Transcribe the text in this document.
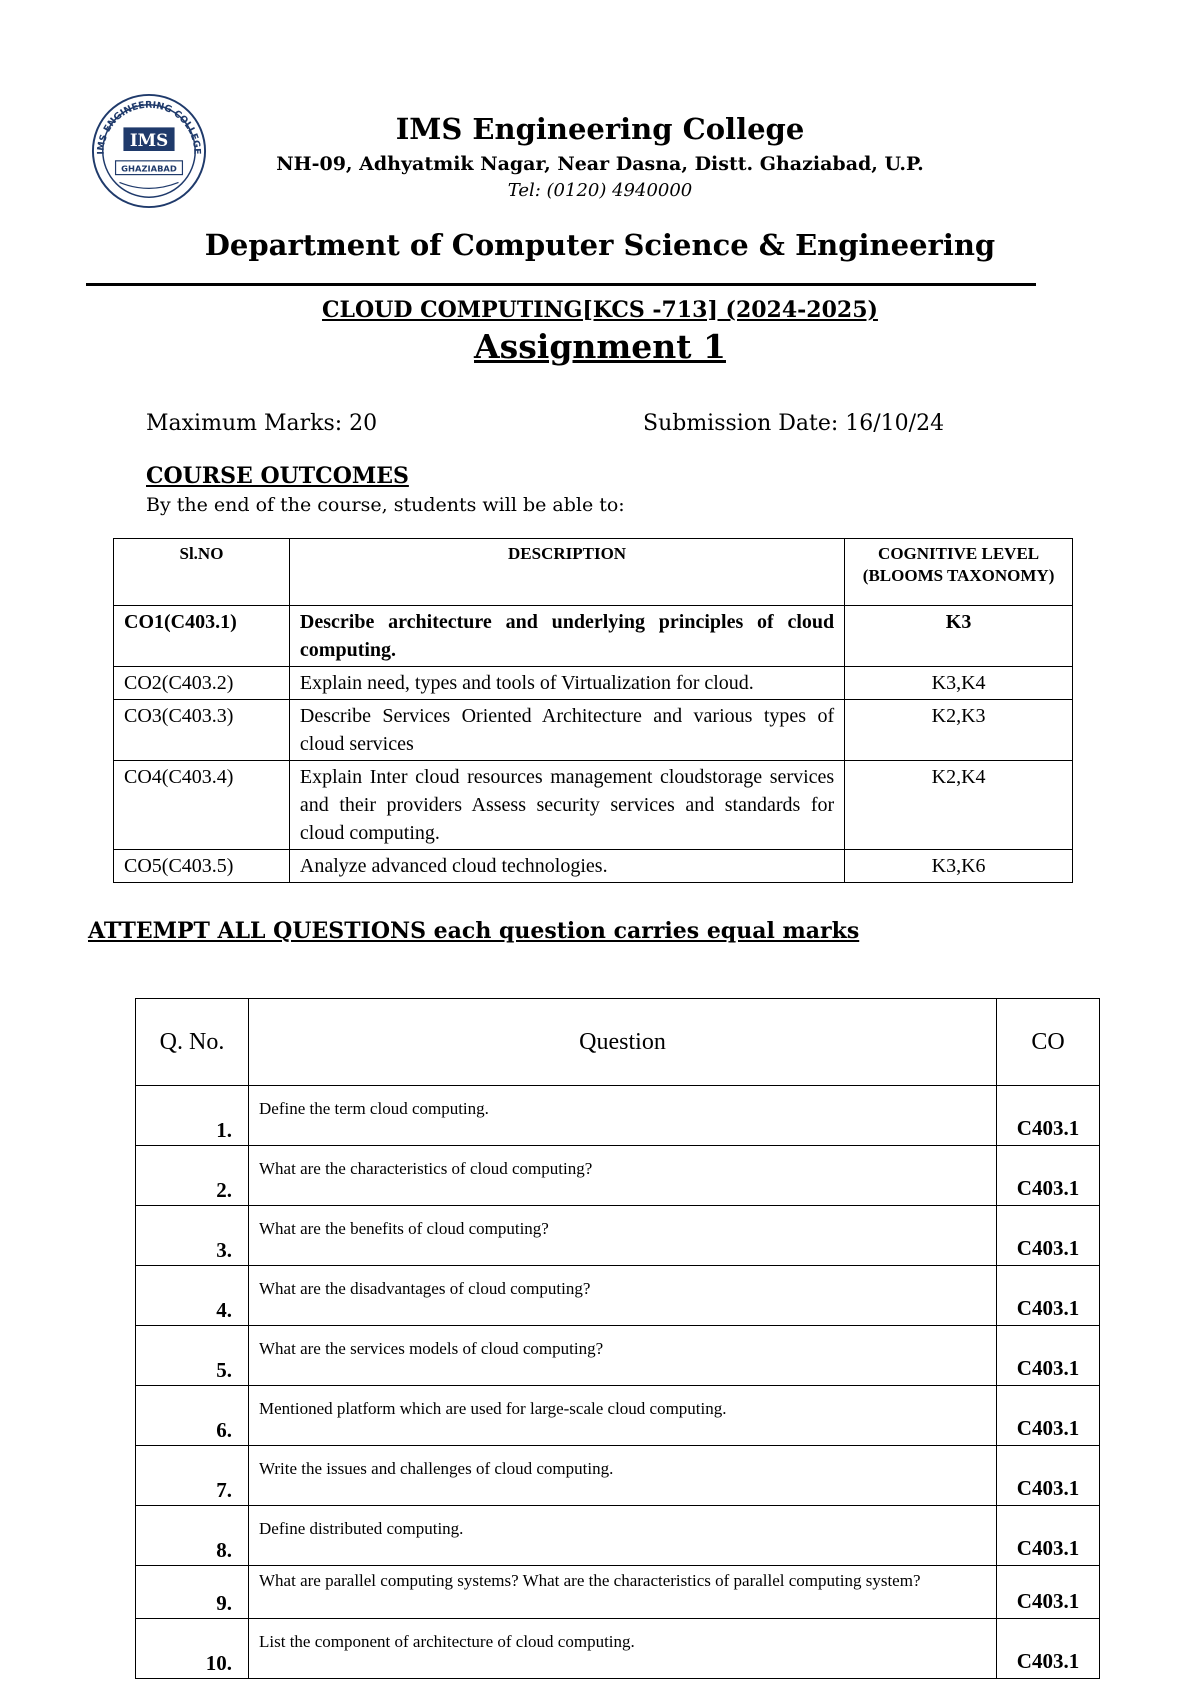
IMS ENGINEERING COLLEGE
IMS
GHAZIABAD
IMS Engineering College
NH-09, Adhyatmik Nagar, Near Dasna, Distt. Ghaziabad, U.P.
Tel: (0120) 4940000
Department of Computer Science & Engineering
CLOUD COMPUTING[KCS -713] (2024-2025)
Assignment 1
Maximum Marks: 20	Submission Date: 16/10/24
COURSE OUTCOMES
By the end of the course, students will be able to:
Sl.NO	DESCRIPTION	COGNITIVE LEVEL (BLOOMS TAXONOMY)
CO1(C403.1)	Describe architecture and underlying principles of cloud computing.	K3
CO2(C403.2)	Explain need, types and tools of Virtualization for cloud.	K3,K4
CO3(C403.3)	Describe Services Oriented Architecture and various types of cloud services	K2,K3
CO4(C403.4)	Explain Inter cloud resources management cloudstorage services and their providers Assess security services and standards for cloud computing.	K2,K4
CO5(C403.5)	Analyze advanced cloud technologies.	K3,K6
ATTEMPT ALL QUESTIONS each question carries equal marks
Q. No.	Question	CO
1.	Define the term cloud computing.	C403.1
2.	What are the characteristics of cloud computing?	C403.1
3.	What are the benefits of cloud computing?	C403.1
4.	What are the disadvantages of cloud computing?	C403.1
5.	What are the services models of cloud computing?	C403.1
6.	Mentioned platform which are used for large-scale cloud computing.	C403.1
7.	Write the issues and challenges of cloud computing.	C403.1
8.	Define distributed computing.	C403.1
9.	What are parallel computing systems? What are the characteristics of parallel computing system?	C403.1
10.	List the component of architecture of cloud computing.	C403.1
